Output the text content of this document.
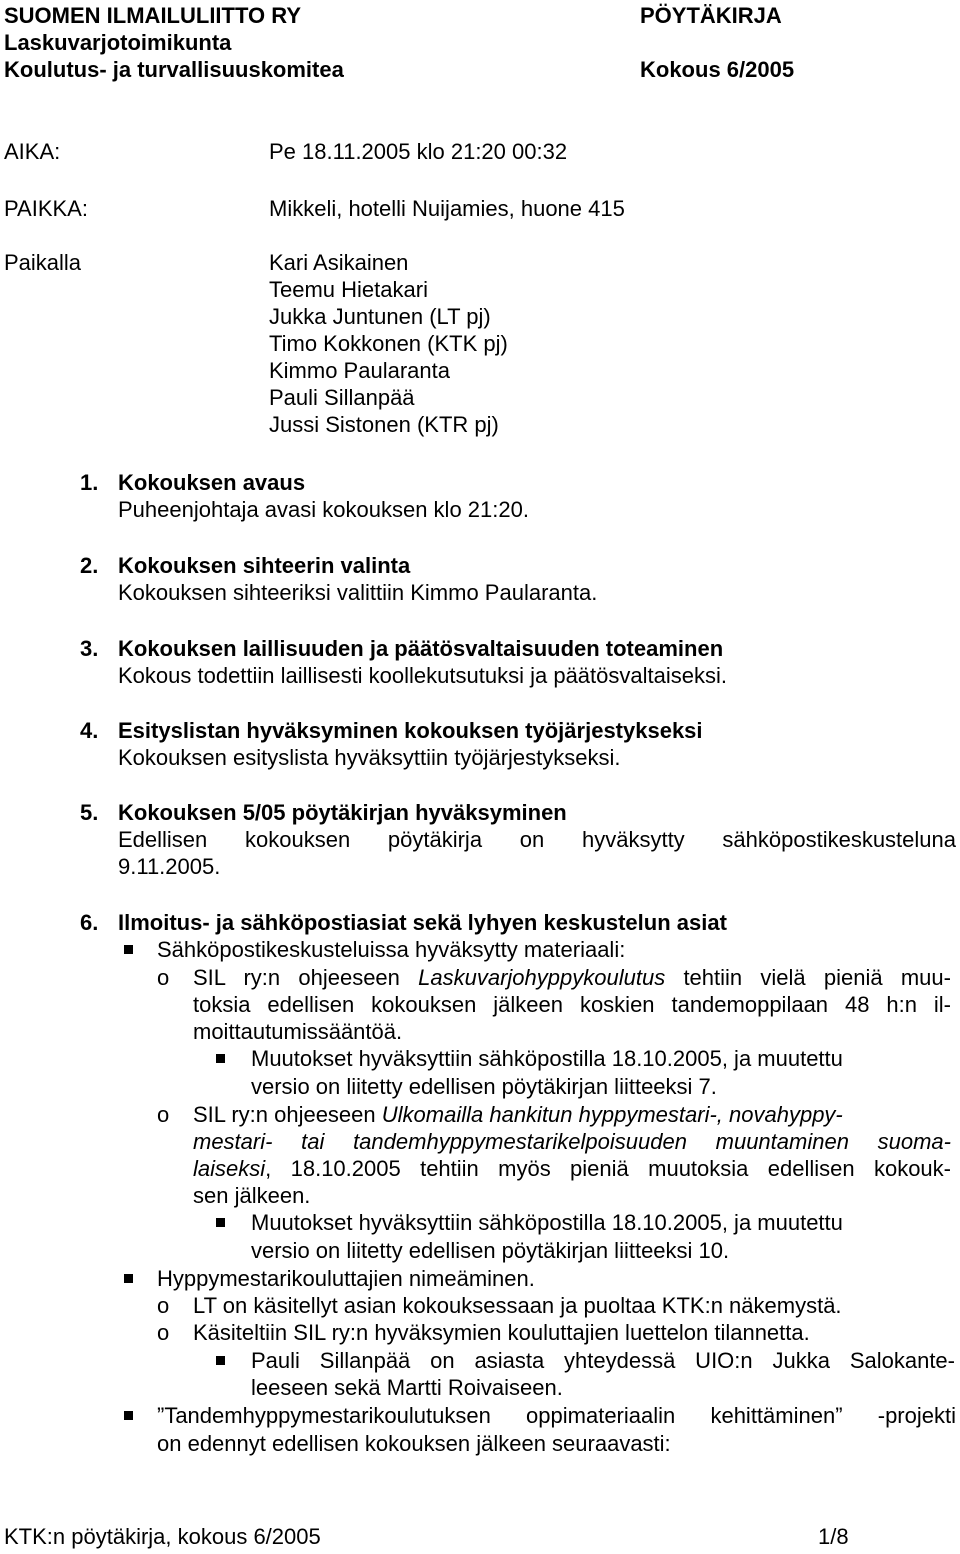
SUOMEN ILMAILULIITTO RY
Laskuvarjotoimikunta
Koulutus- ja turvallisuuskomitea
PÖYTÄKIRJA
Kokous 6/2005
AIKA:	Pe 18.11.2005 klo 21:20 00:32
PAIKKA:	Mikkeli, hotelli Nuijamies, huone 415
Paikalla	Kari Asikainen
Teemu Hietakari
Jukka Juntunen (LT pj)
Timo Kokkonen (KTK pj)
Kimmo Paularanta
Pauli Sillanpää
Jussi Sistonen (KTR pj)
1. Kokouksen avaus
Puheenjohtaja avasi kokouksen klo 21:20.
2. Kokouksen sihteerin valinta
Kokouksen sihteeriksi valittiin Kimmo Paularanta.
3. Kokouksen laillisuuden ja päätösvaltaisuuden toteaminen
Kokous todettiin laillisesti koollekutsutuksi ja päätösvaltaiseksi.
4. Esityslistan hyväksyminen kokouksen työjärjestykseksi
Kokouksen esityslista hyväksyttiin työjärjestykseksi.
5. Kokouksen 5/05 pöytäkirjan hyväksyminen
Edellisen kokouksen pöytäkirja on hyväksytty sähköpostikeskusteluna
9.11.2005.
6. Ilmoitus- ja sähköpostiasiat sekä lyhyen keskustelun asiat
Sähköpostikeskusteluissa hyväksytty materiaali:
o SIL ry:n ohjeeseen Laskuvarjohyppykoulutus tehtiin vielä pieniä muu-
toksia edellisen kokouksen jälkeen koskien tandemoppilaan 48 h:n il-
moittautumissääntöä.
Muutokset hyväksyttiin sähköpostilla 18.10.2005, ja muutettu
versio on liitetty edellisen pöytäkirjan liitteeksi 7.
o SIL ry:n ohjeeseen Ulkomailla hankitun hyppymestari-, novahyppy-
mestari- tai tandemhyppymestarikelpoisuuden muuntaminen suoma-
laiseksi, 18.10.2005 tehtiin myös pieniä muutoksia edellisen kokouk-
sen jälkeen.
Muutokset hyväksyttiin sähköpostilla 18.10.2005, ja muutettu
versio on liitetty edellisen pöytäkirjan liitteeksi 10.
Hyppymestarikouluttajien nimeäminen.
o LT on käsitellyt asian kokouksessaan ja puoltaa KTK:n näkemystä.
o Käsiteltiin SIL ry:n hyväksymien kouluttajien luettelon tilannetta.
Pauli Sillanpää on asiasta yhteydessä UIO:n Jukka Salokante-
leeseen sekä Martti Roivaiseen.
”Tandemhyppymestarikoulutuksen oppimateriaalin kehittäminen” -projekti
on edennyt edellisen kokouksen jälkeen seuraavasti:
KTK:n pöytäkirja, kokous 6/2005	1/8
